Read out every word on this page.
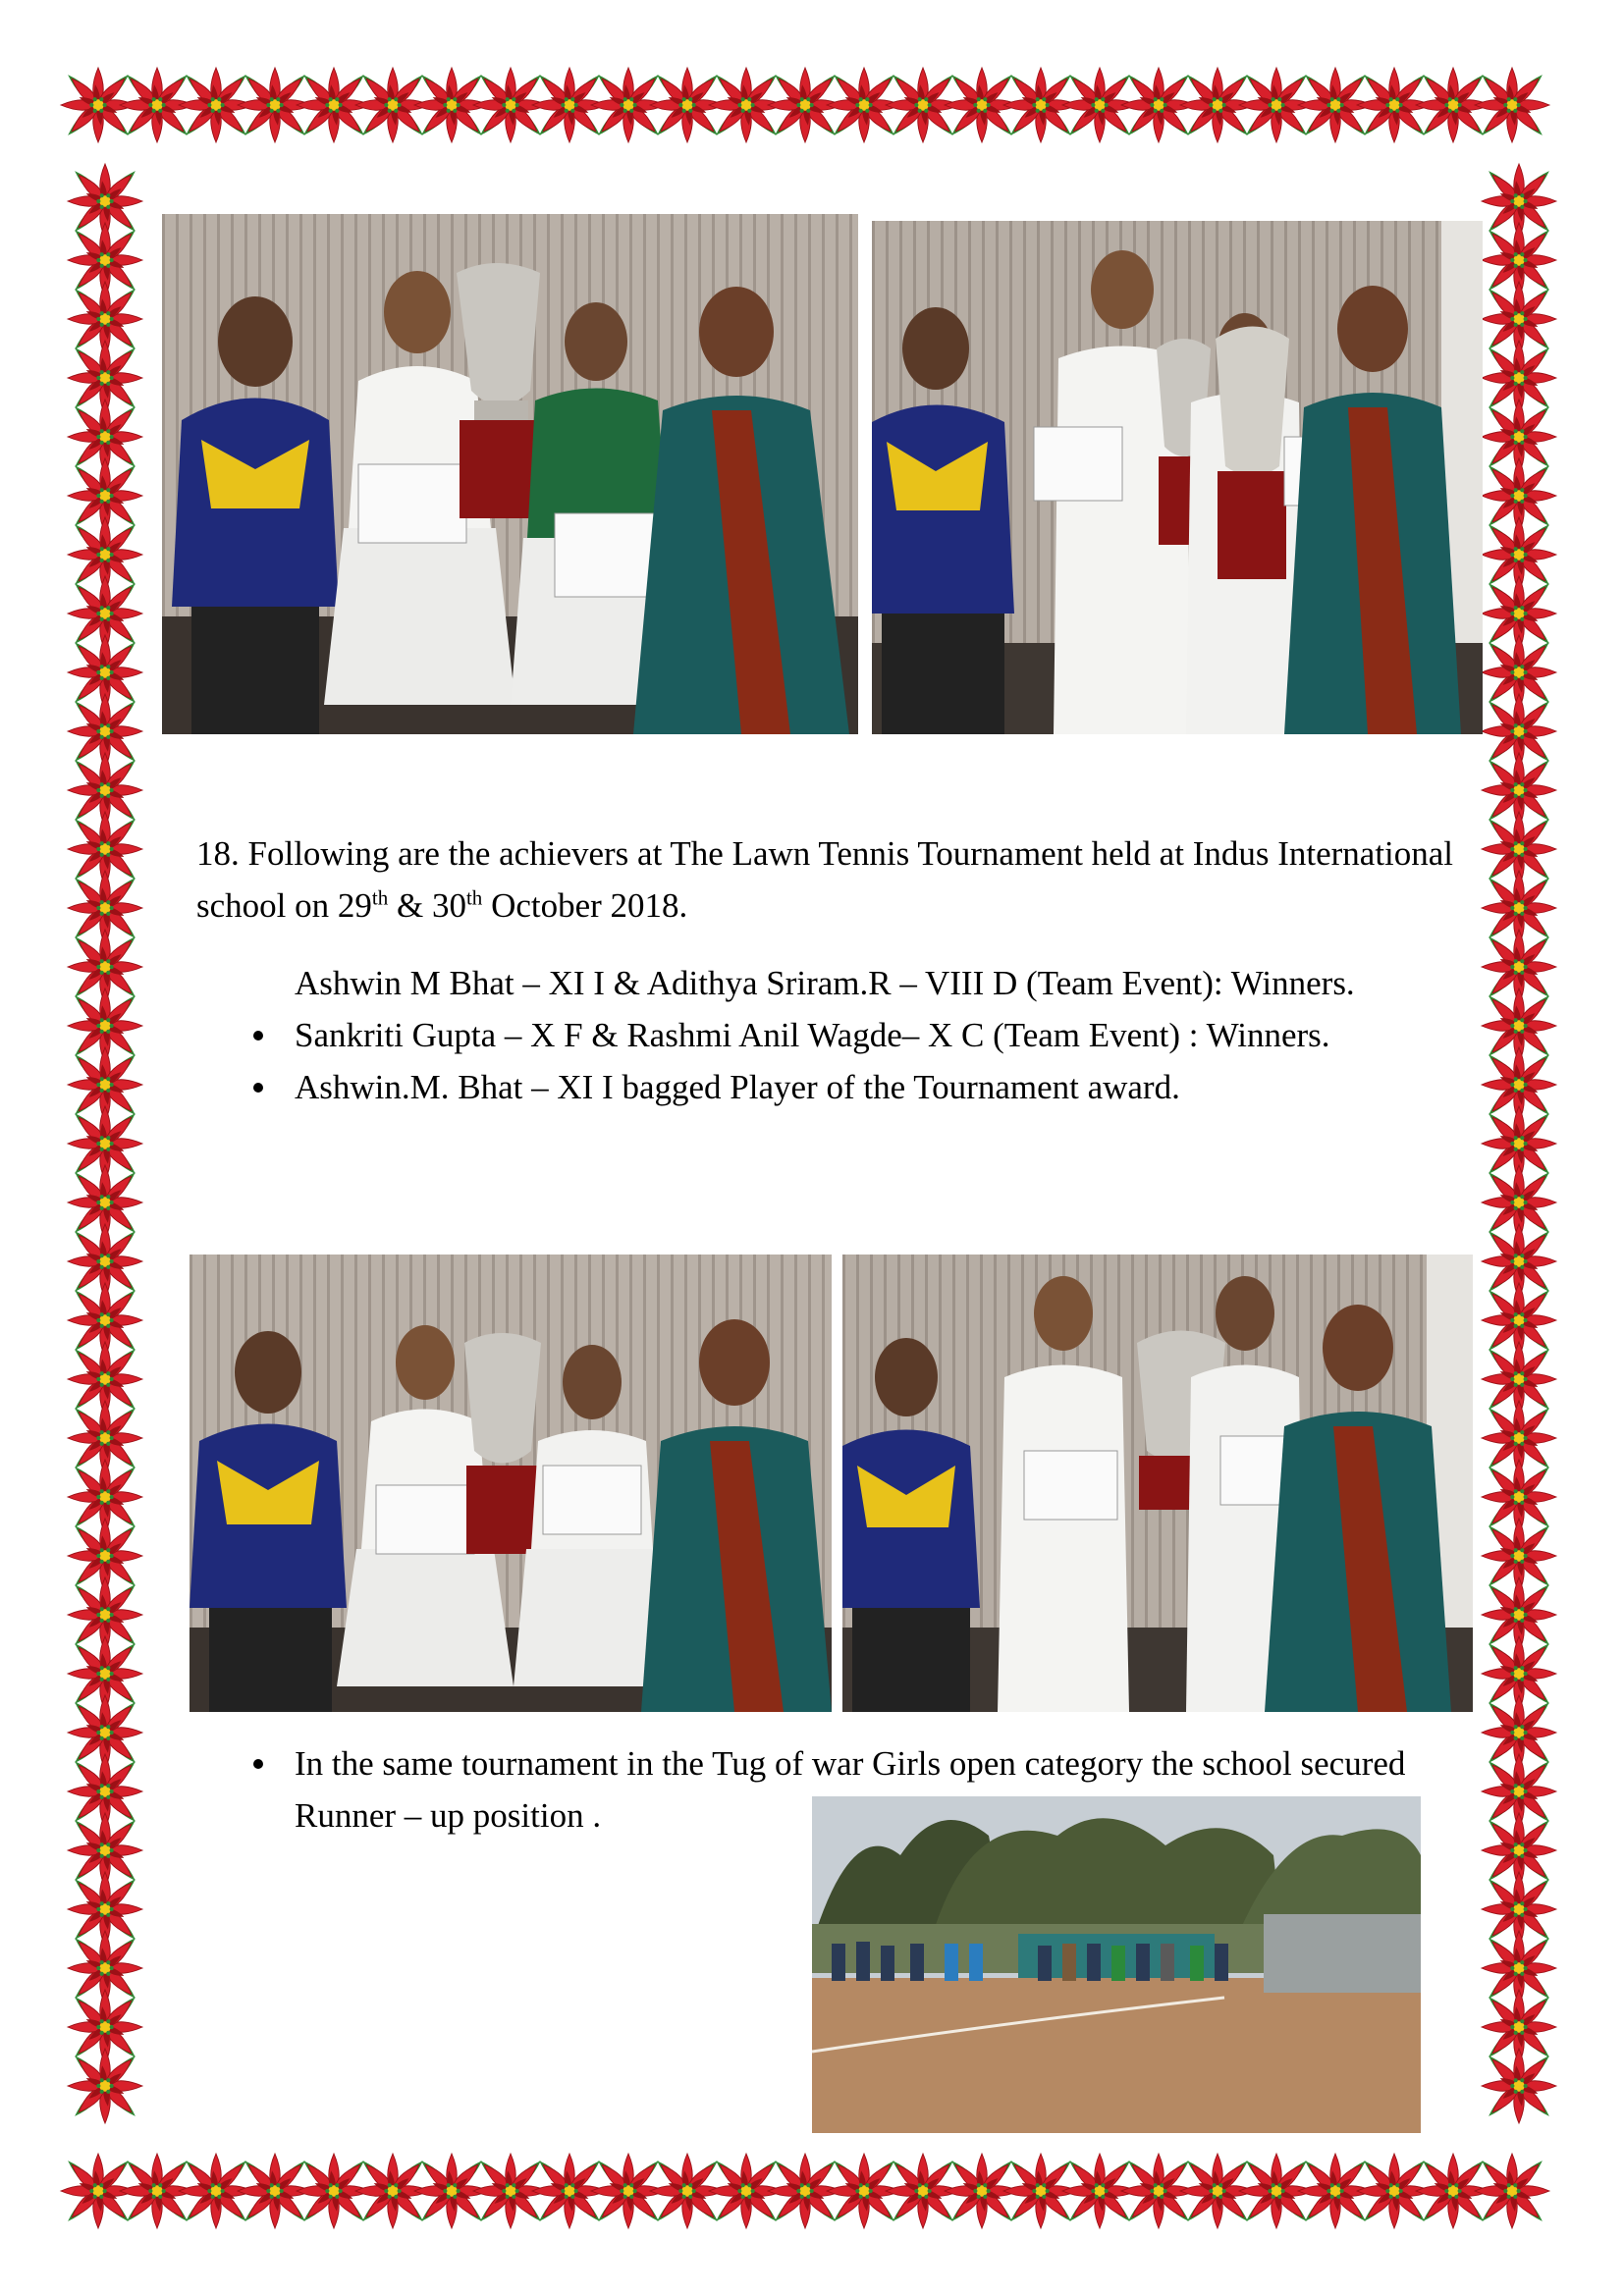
18. Following are the achievers at The Lawn Tennis Tournament held at Indus International school on 29th & 30th October 2018.

Ashwin M Bhat – XI I & Adithya Sriram.R – VIII D (Team Event): Winners.
Sankriti Gupta – X F & Rashmi Anil Wagde– X C (Team Event) : Winners.
Ashwin.M. Bhat – XI I bagged Player of the Tournament award.
In the same tournament in the Tug of war Girls open category the school secured Runner – up position .
